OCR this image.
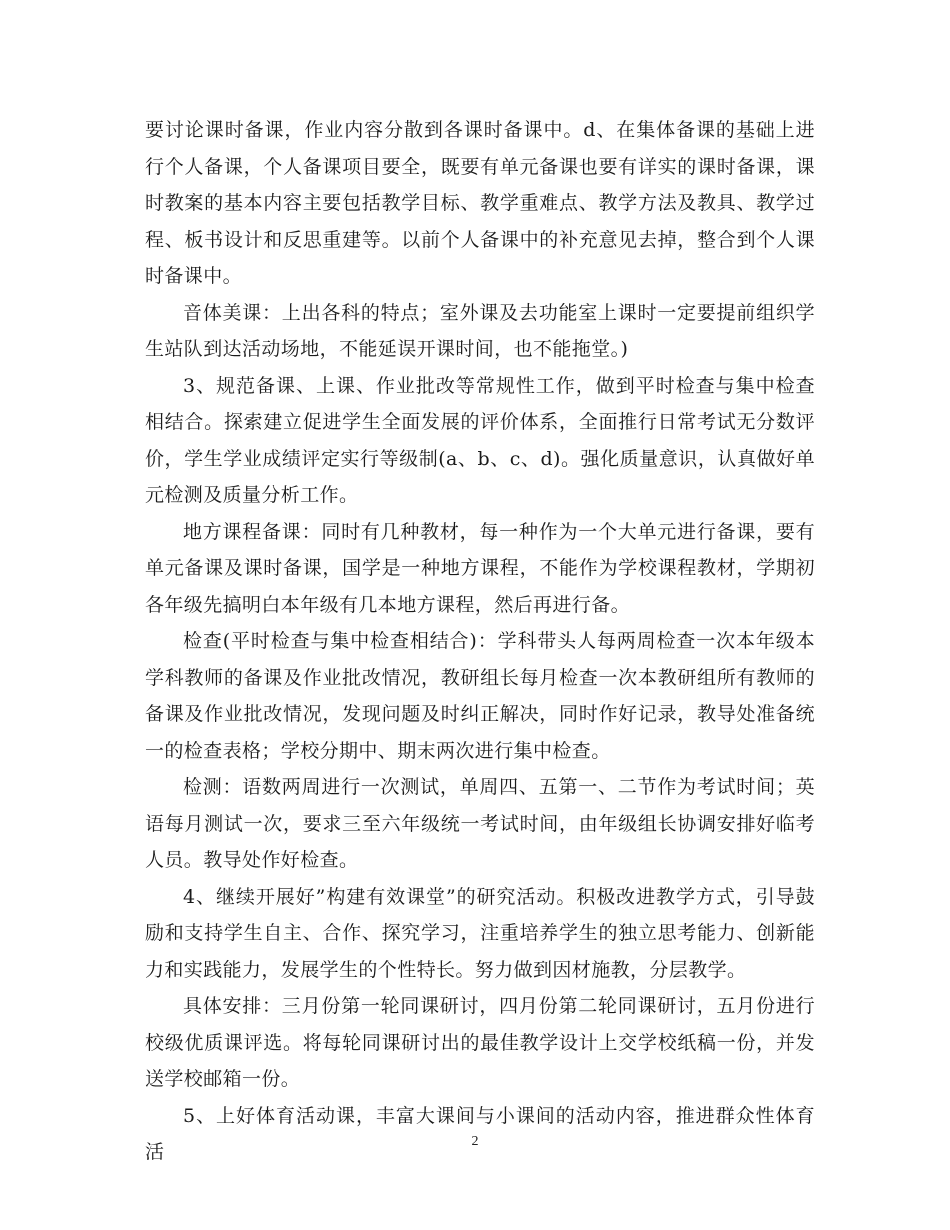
要讨论课时备课，作业内容分散到各课时备课中。d、在集体备课的基础上进行个人备课，个人备课项目要全，既要有单元备课也要有详实的课时备课，课时教案的基本内容主要包括教学目标、教学重难点、教学方法及教具、教学过程、板书设计和反思重建等。以前个人备课中的补充意见去掉，整合到个人课时备课中。

音体美课：上出各科的特点；室外课及去功能室上课时一定要提前组织学生站队到达活动场地，不能延误开课时间，也不能拖堂。)

3、规范备课、上课、作业批改等常规性工作，做到平时检查与集中检查相结合。探索建立促进学生全面发展的评价体系，全面推行日常考试无分数评价，学生学业成绩评定实行等级制(a、b、c、d)。强化质量意识，认真做好单元检测及质量分析工作。

地方课程备课：同时有几种教材，每一种作为一个大单元进行备课，要有单元备课及课时备课，国学是一种地方课程，不能作为学校课程教材，学期初各年级先搞明白本年级有几本地方课程，然后再进行备。

检查(平时检查与集中检查相结合)：学科带头人每两周检查一次本年级本学科教师的备课及作业批改情况，教研组长每月检查一次本教研组所有教师的备课及作业批改情况，发现问题及时纠正解决，同时作好记录，教导处准备统一的检查表格；学校分期中、期末两次进行集中检查。

检测：语数两周进行一次测试，单周四、五第一、二节作为考试时间；英语每月测试一次，要求三至六年级统一考试时间，由年级组长协调安排好临考人员。教导处作好检查。

4、继续开展好”构建有效课堂”的研究活动。积极改进教学方式，引导鼓励和支持学生自主、合作、探究学习，注重培养学生的独立思考能力、创新能力和实践能力，发展学生的个性特长。努力做到因材施教，分层教学。

具体安排：三月份第一轮同课研讨，四月份第二轮同课研讨，五月份进行校级优质课评选。将每轮同课研讨出的最佳教学设计上交学校纸稿一份，并发送学校邮箱一份。

5、上好体育活动课，丰富大课间与小课间的活动内容，推进群众性体育活	2
